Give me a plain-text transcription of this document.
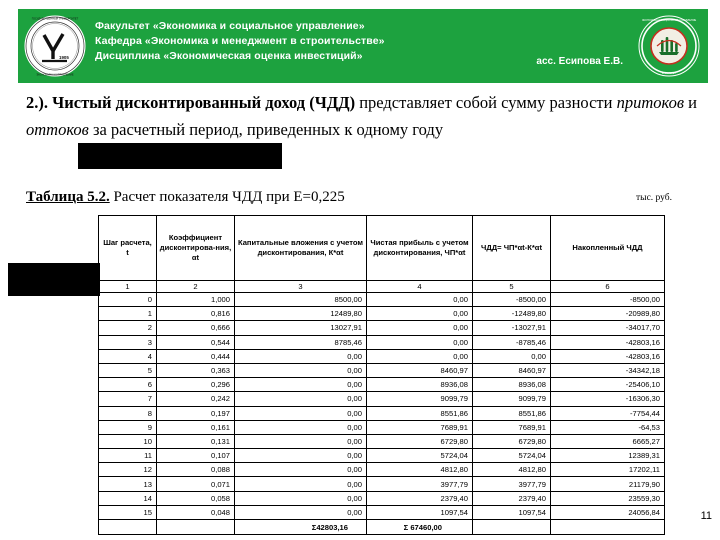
ГОСУДАРСТВЕННЫЙ УНИВЕРСИТЕТ
ЭКОНОМИКА И УПРАВЛЕНИЕ
1905
Факультет «Экономика и социальное управление»
Кафедра «Экономика и менеджмент в строительстве»
Дисциплина «Экономическая оценка инвестиций»	асс. Есипова Е.В.
ЭКОНОМИКА И СОЦИАЛЬНОЕ УПРАВЛЕНИЕ
ФАКУЛЬТЕТ
2.). Чистый дисконтированный доход (ЧДД) представляет собой сумму разности притоков и оттоков за расчетный период, приведенных к одному году
Таблица 5.2. Расчет показателя ЧДД при Е=0,225	тыс. руб.
Шаг расчета, t	Коэффициент дисконтирова-ния, αt	Капитальные вложения с учетом дисконтирования, К*αt	Чистая прибыль с учетом дисконтирования, ЧП*αt	ЧДД= ЧП*αt-К*αt	Накопленный ЧДД
1	2	3	4	5	6
0	1,000	8500,00	0,00	-8500,00	-8500,00
1	0,816	12489,80	0,00	-12489,80	-20989,80
2	0,666	13027,91	0,00	-13027,91	-34017,70
3	0,544	8785,46	0,00	-8785,46	-42803,16
4	0,444	0,00	0,00	0,00	-42803,16
5	0,363	0,00	8460,97	8460,97	-34342,18
6	0,296	0,00	8936,08	8936,08	-25406,10
7	0,242	0,00	9099,79	9099,79	-16306,30
8	0,197	0,00	8551,86	8551,86	-7754,44
9	0,161	0,00	7689,91	7689,91	-64,53
10	0,131	0,00	6729,80	6729,80	6665,27
11	0,107	0,00	5724,04	5724,04	12389,31
12	0,088	0,00	4812,80	4812,80	17202,11
13	0,071	0,00	3977,79	3977,79	21179,90
14	0,058	0,00	2379,40	2379,40	23559,30
15	0,048	0,00	1097,54	1097,54	24056,84
		Σ42803,16	Σ 67460,00		
11
